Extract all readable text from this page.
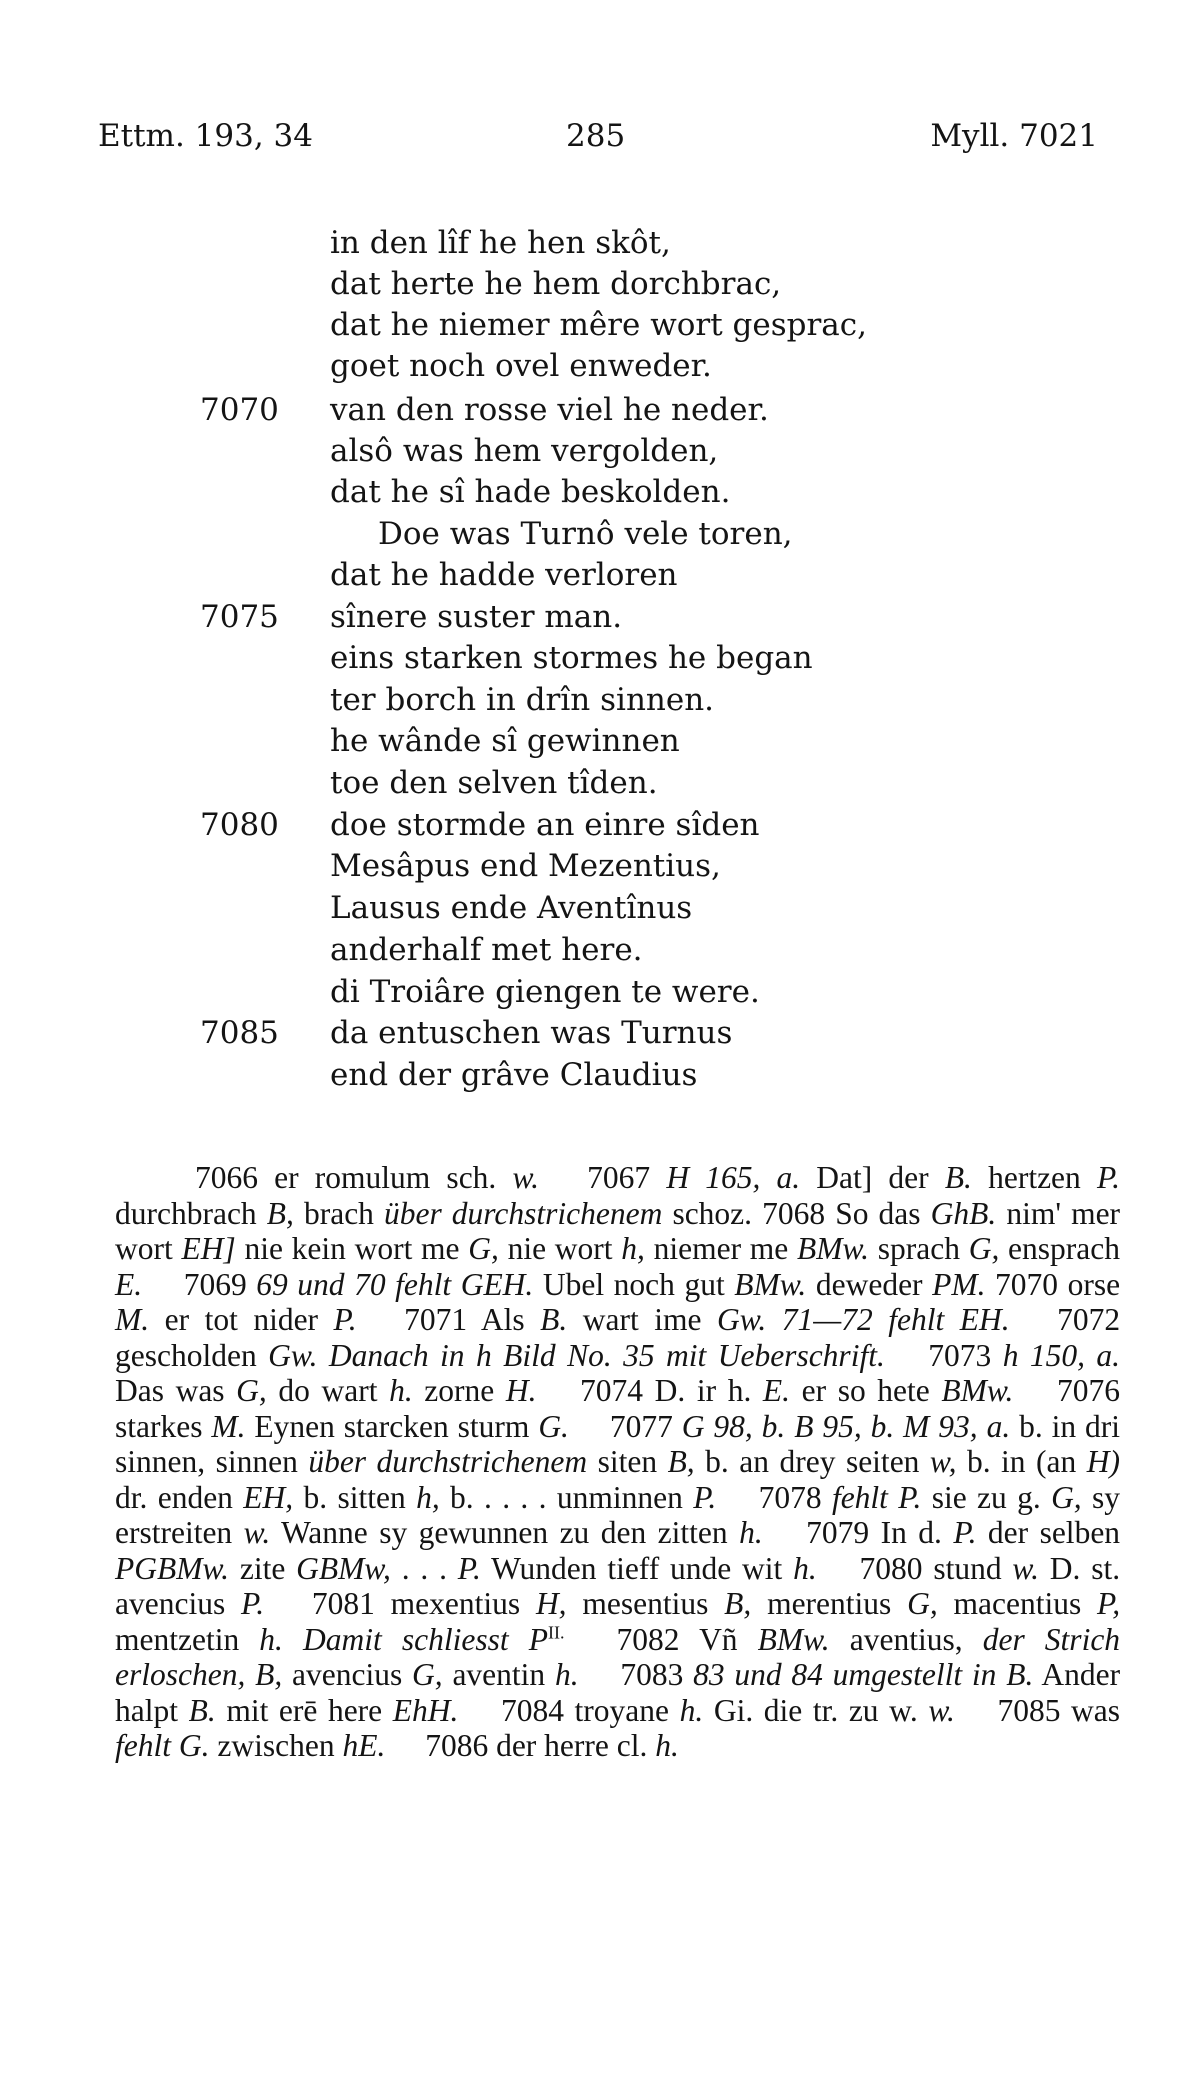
Ettm. 193, 34	285	Myll. 7021
in den lîf he hen skôt,
dat herte he hem dorchbrac,
dat he niemer mêre wort gesprac,
goet noch ovel enweder.
7070	van den rosse viel he neder.
alsô was hem vergolden,
dat he sî hade beskolden.
Doe was Turnô vele toren,
dat he hadde verloren
7075	sînere suster man.
eins starken stormes he began
ter borch in drîn sinnen.
he wânde sî gewinnen
toe den selven tîden.
7080	doe stormde an einre sîden
Mesâpus end Mezentius,
Lausus ende Aventînus
anderhalf met here.
di Troiâre giengen te were.
7085	da entuschen was Turnus
end der grâve Claudius

7066 er romulum sch. w. 7067 H 165, a. Dat] der B. hertzen P. durchbrach B, brach über durchstrichenem schoz. 7068 So das GhB. nim' mer wort EH] nie kein wort me G, nie wort h, niemer me BMw. sprach G, ensprach E. 7069 69 und 70 fehlt GEH. Ubel noch gut BMw. deweder PM. 7070 orse M. er tot nider P. 7071 Als B. wart ime Gw. 71—72 fehlt EH. 7072 gescholden Gw. Danach in h Bild No. 35 mit Ueberschrift. 7073 h 150, a. Das was G, do wart h. zorne H. 7074 D. ir h. E. er so hete BMw. 7076 starkes M. Eynen starcken sturm G. 7077 G 98, b. B 95, b. M 93, a. b. in dri sinnen, sinnen über durchstrichenem siten B, b. an drey seiten w, b. in (an H) dr. enden EH, b. sitten h, b. . . . . unminnen P. 7078 fehlt P. sie zu g. G, sy erstreiten w. Wanne sy gewunnen zu den zitten h. 7079 In d. P. der selben PGBMw. zite GBMw, . . . P. Wunden tieff unde wit h. 7080 stund w. D. st. avencius P. 7081 mexentius H, mesentius B, merentius G, macentius P, mentzetin h. Damit schliesst $P^{II.}$ 7082 Vñ BMw. aventius, der Strich erloschen, B, avencius G, aventin h. 7083 83 und 84 umgestellt in B. Ander halpt B. mit erē here EhH. 7084 troyane h. Gi. die tr. zu w. w. 7085 was fehlt G. zwischen hE. 7086 der herre cl. h.
